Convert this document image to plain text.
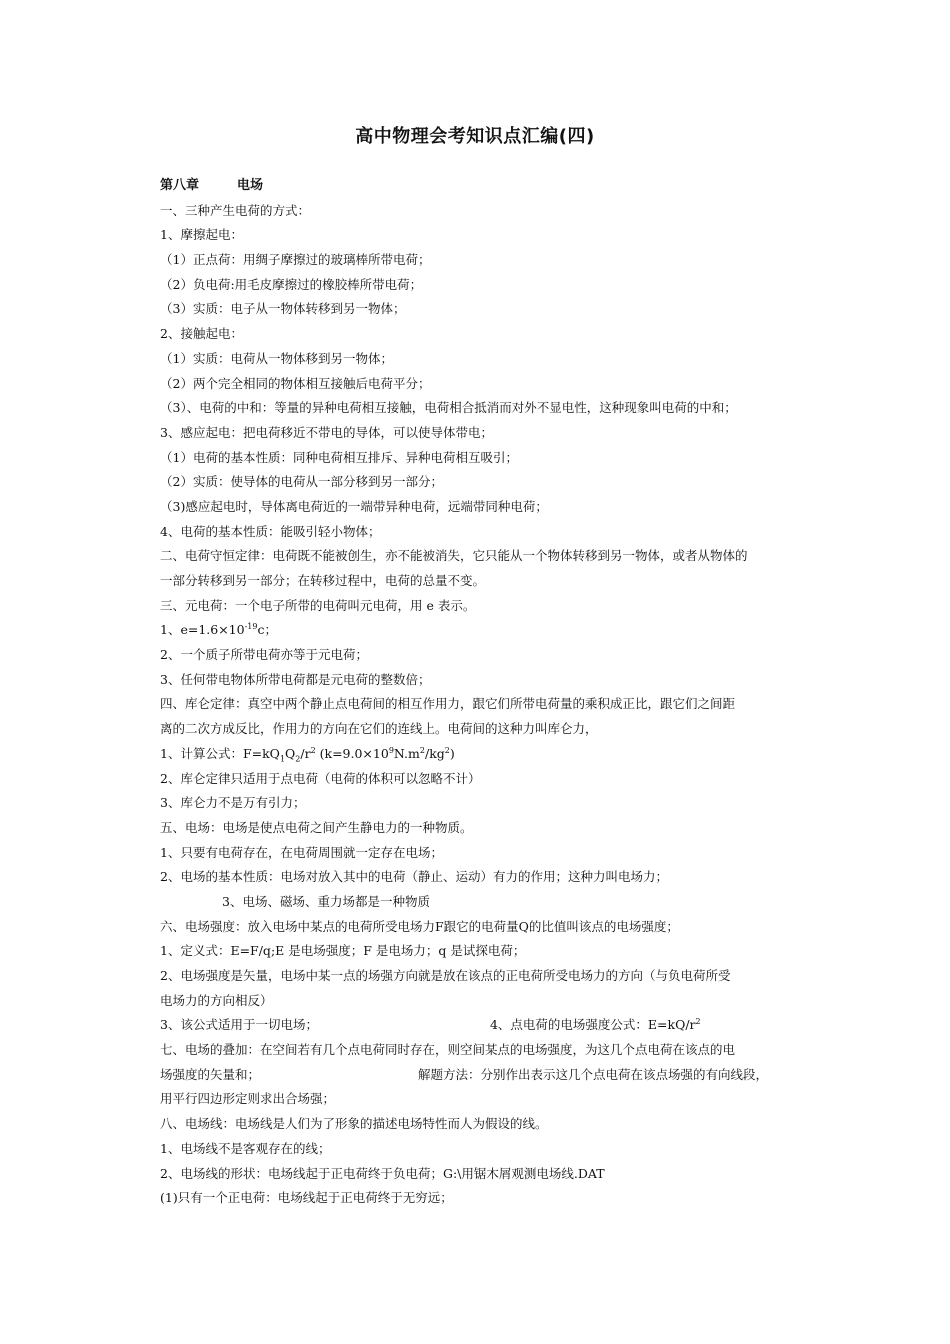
高中物理会考知识点汇编(四)
第八章	电场
一、三种产生电荷的方式：
1、摩擦起电：
（1）正点荷：用绸子摩擦过的玻璃棒所带电荷；
（2）负电荷:用毛皮摩擦过的橡胶棒所带电荷；
（3）实质：电子从一物体转移到另一物体；
2、接触起电：
（1）实质：电荷从一物体移到另一物体；
（2）两个完全相同的物体相互接触后电荷平分；
（3）、电荷的中和：等量的异种电荷相互接触，电荷相合抵消而对外不显电性，这种现象叫电荷的中和；
3、感应起电：把电荷移近不带电的导体，可以使导体带电；
（1）电荷的基本性质：同种电荷相互排斥、异种电荷相互吸引；
（2）实质：使导体的电荷从一部分移到另一部分；
（3)感应起电时，导体离电荷近的一端带异种电荷，远端带同种电荷；
4、电荷的基本性质：能吸引轻小物体；
二、电荷守恒定律：电荷既不能被创生，亦不能被消失，它只能从一个物体转移到另一物体，或者从物体的
一部分转移到另一部分；在转移过程中，电荷的总量不变。
三、元电荷：一个电子所带的电荷叫元电荷，用 e 表示。
1、$e=1.6\times 10^{-19}c$；
2、一个质子所带电荷亦等于元电荷；
3、任何带电物体所带电荷都是元电荷的整数倍；
四、库仑定律：真空中两个静止点电荷间的相互作用力，跟它们所带电荷量的乘积成正比，跟它们之间距
离的二次方成反比，作用力的方向在它们的连线上。电荷间的这种力叫库仑力，
1、计算公式：$F=kQ_1Q_2/r^2$ $(k=9.0\times 10^9N.m^2/kg^2)$
2、库仑定律只适用于点电荷（电荷的体积可以忽略不计）
3、库仑力不是万有引力；
五、电场：电场是使点电荷之间产生静电力的一种物质。
1、只要有电荷存在，在电荷周围就一定存在电场；
2、电场的基本性质：电场对放入其中的电荷（静止、运动）有力的作用；这种力叫电场力；
3、电场、磁场、重力场都是一种物质
六、电场强度：放入电场中某点的电荷所受电场力F跟它的电荷量Q的比值叫该点的电场强度；
1、定义式：E=F/q;E 是电场强度；F 是电场力；q 是试探电荷；
2、电场强度是矢量，电场中某一点的场强方向就是放在该点的正电荷所受电场力的方向（与负电荷所受
电场力的方向相反）
3、该公式适用于一切电场；	4、点电荷的电场强度公式：$E=kQ/r^2$
七、电场的叠加：在空间若有几个点电荷同时存在，则空间某点的电场强度，为这几个点电荷在该点的电
场强度的矢量和；	解题方法：分别作出表示这几个点电荷在该点场强的有向线段，
用平行四边形定则求出合场强；
八、电场线：电场线是人们为了形象的描述电场特性而人为假设的线。
1、电场线不是客观存在的线；
2、电场线的形状：电场线起于正电荷终于负电荷；G:\用锯木屑观测电场线.DAT
(1)只有一个正电荷：电场线起于正电荷终于无穷远；
